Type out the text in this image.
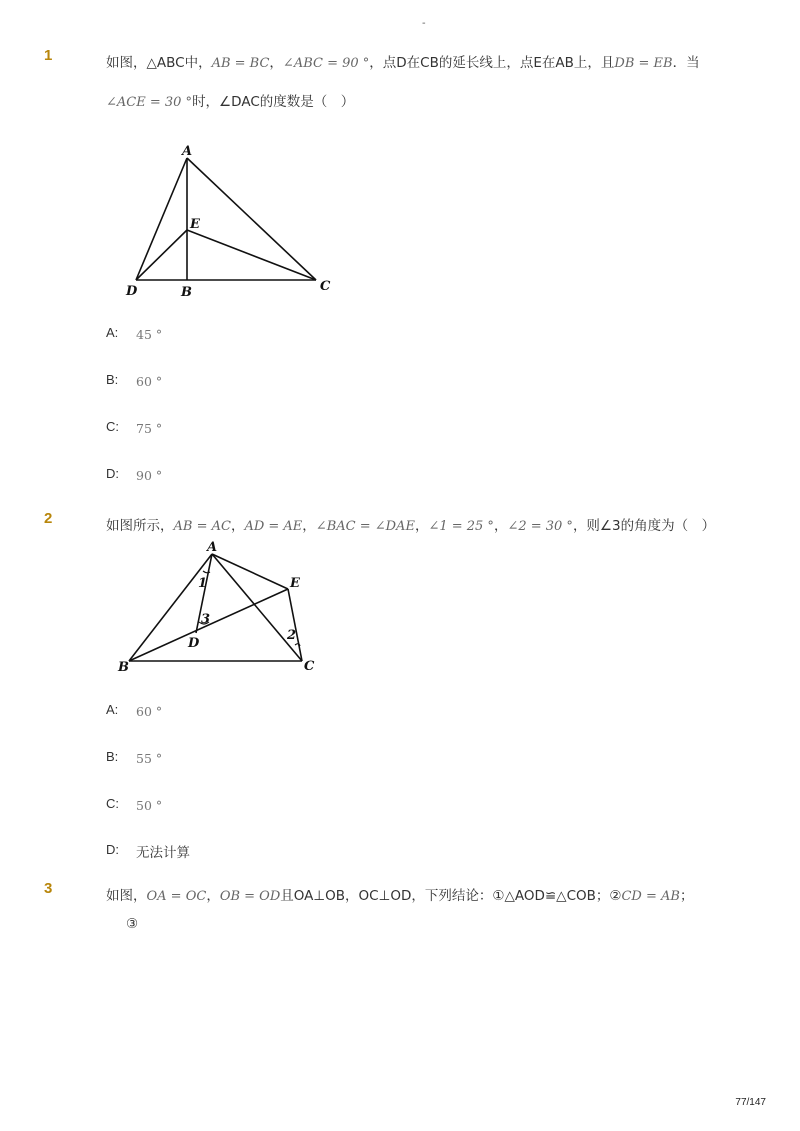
-
1	如图，△ABC中，AB = BC，∠ABC = 90 °，点D在CB的延长线上，点E在AB上，且DB = EB．当
∠ACE = 30 °时，∠DAC的度数是（　）
A
E
D	B	C
A: 45 °
B: 60 °
C: 75 °
D: 90 °
2	如图所示，AB = AC，AD = AE，∠BAC = ∠DAE，∠1 = 25 °，∠2 = 30 °，则∠3的角度为（　）
A
E
B	C
D
1
2
3
A: 60 °
B: 55 °
C: 50 °
D: 无法计算
3	如图，OA = OC，OB = OD且OA⊥OB，OC⊥OD，下列结论：①△AOD≌△COB；②CD = AB；
③
77/147
